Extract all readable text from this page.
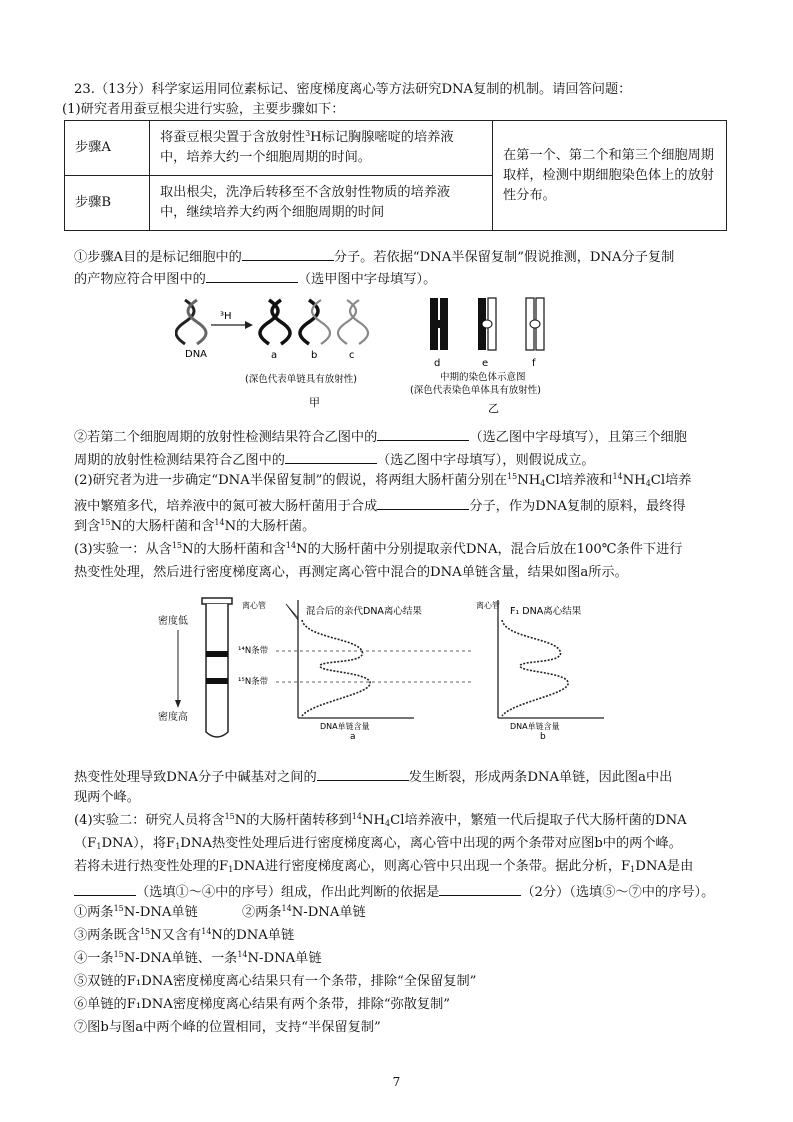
23.（13分）科学家运用同位素标记、密度梯度离心等方法研究DNA复制的机制。请回答问题：
(1)研究者用蚕豆根尖进行实验，主要步骤如下：
步骤A	将蚕豆根尖置于含放射性$^3$H标记胸腺嘧啶的培养液
中，培养大约一个细胞周期的时间。	在第一个、第二个和第三个细胞周期
取样，检测中期细胞染色体上的放射
性分布。
步骤B	取出根尖，洗净后转移至不含放射性物质的培养液
中，继续培养大约两个细胞周期的时间	
①步骤A目的是标记细胞中的	分子。若依据“DNA半保留复制”假说推测，DNA分子复制
的产物应符合甲图中的	（选甲图中字母填写）。
DNA
³H
a	b	c
(深色代表单链具有放射性)
甲
d	e	f
中期的染色体示意图
(深色代表染色单体具有放射性)
乙
②若第二个细胞周期的放射性检测结果符合乙图中的	（选乙图中字母填写），且第三个细胞
周期的放射性检测结果符合乙图中的	（选乙图中字母填写），则假说成立。
(2)研究者为进一步确定“DNA半保留复制”的假说，将两组大肠杆菌分别在$^{15}NH_4Cl$培养液和$^{14}NH_4Cl$培养
液中繁殖多代，培养液中的氮可被大肠杆菌用于合成	分子，作为DNA复制的原料，最终得
到含$^{15}$N的大肠杆菌和含$^{14}$N的大肠杆菌。
(3)实验一：从含$^{15}$N的大肠杆菌和含$^{14}$N的大肠杆菌中分别提取亲代DNA，混合后放在100℃条件下进行
热变性处理，然后进行密度梯度离心，再测定离心管中混合的DNA单链含量，结果如图a所示。
密度低
密度高
离心管
混合后的亲代DNA离心结果
¹⁴N条带
¹⁵N条带
DNA单链含量
a
离心管
F₁ DNA离心结果
DNA单链含量
b
热变性处理导致DNA分子中碱基对之间的	发生断裂，形成两条DNA单链，因此图a中出
现两个峰。
(4)实验二：研究人员将含$^{15}$N的大肠杆菌转移到$^{14}NH_4Cl$培养液中，繁殖一代后提取子代大肠杆菌的DNA
$(F_1DNA)$，将$F_1DNA$热变性处理后进行密度梯度离心，离心管中出现的两个条带对应图b中的两个峰。
若将未进行热变性处理的$F_1DNA$进行密度梯度离心，则离心管中只出现一个条带。据此分析，$F_1DNA$是由
（选填①～④中的序号）组成，作出此判断的依据是	（2分）（选填⑤～⑦中的序号）。
①两条$^{15}$N-DNA单链	②两条$^{14}$N-DNA单链
③两条既含$^{15}$N又含有$^{14}$N的DNA单链
④一条$^{15}$N-DNA单链、一条$^{14}$N-DNA单链
⑤双链的F₁DNA密度梯度离心结果只有一个条带，排除“全保留复制”
⑥单链的F₁DNA密度梯度离心结果有两个条带，排除“弥散复制”
⑦图b与图a中两个峰的位置相同，支持“半保留复制”
7
